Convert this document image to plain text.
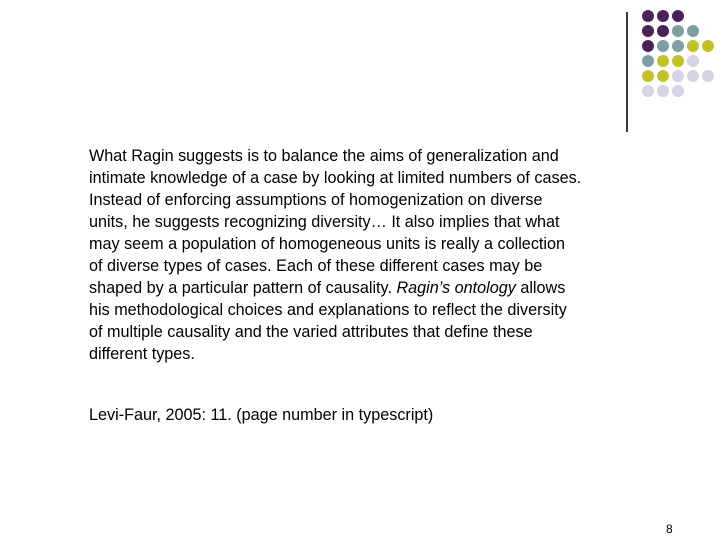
What Ragin suggests is to balance the aims of generalization and
intimate knowledge of a case by looking at limited numbers of cases.
Instead of enforcing assumptions of homogenization on diverse
units, he suggests recognizing diversity… It also implies that what
may seem a population of homogeneous units is really a collection
of diverse types of cases. Each of these different cases may be
shaped by a particular pattern of causality. Ragin’s ontology allows
his methodological choices and explanations to reflect the diversity
of multiple causality and the varied attributes that define these
different types.

Levi-Faur, 2005: 11. (page number in typescript)

8
